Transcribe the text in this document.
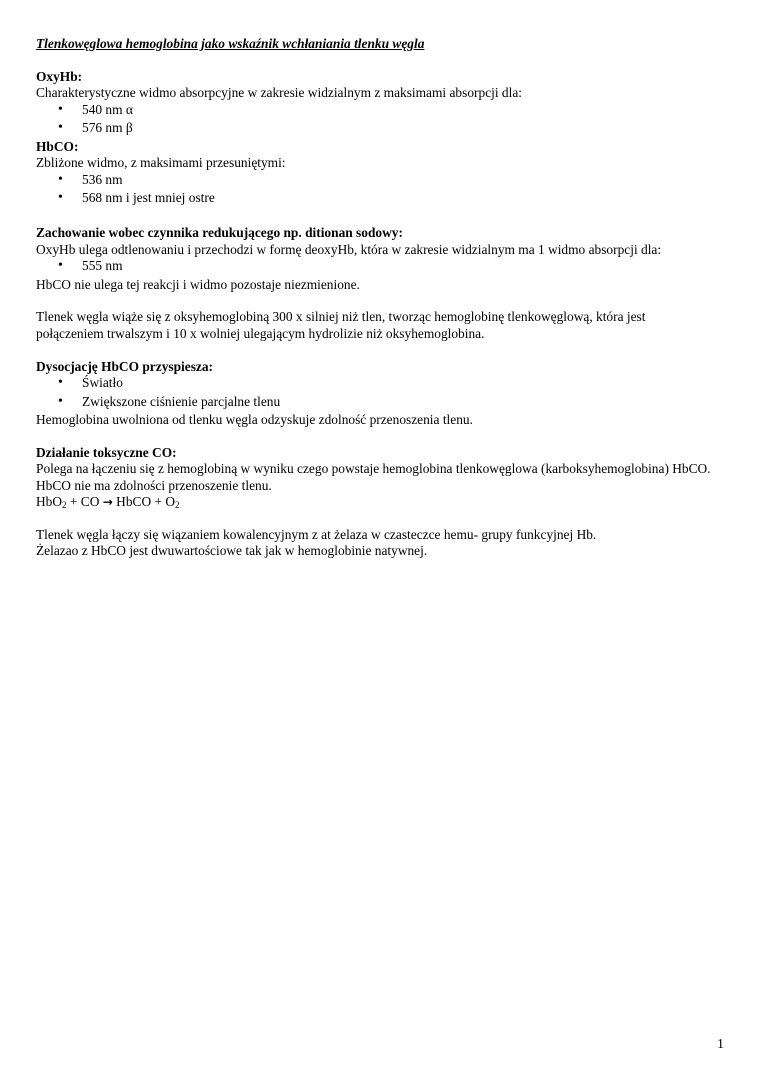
Tlenkowęglowa hemoglobina jako wskaźnik wchłaniania tlenku węgla

OxyHb:

Charakterystyczne widmo absorpcyjne w zakresie widzialnym z maksimami absorpcji dla:

• 540 nm α
• 576 nm β

HbCO:

Zbliżone widmo, z maksimami przesuniętymi:

• 536 nm
• 568 nm i jest mniej ostre

Zachowanie wobec czynnika redukującego np. ditionan sodowy:

OxyHb ulega odtlenowaniu i przechodzi w formę deoxyHb, która w zakresie widzialnym ma 1 widmo absorpcji dla:

• 555 nm

HbCO nie ulega tej reakcji i widmo pozostaje niezmienione.

Tlenek węgla wiąże się z oksyhemoglobiną 300 x silniej niż tlen, tworząc hemoglobinę tlenkowęglową, która jest połączeniem trwalszym i 10 x wolniej ulegającym hydrolizie niż oksyhemoglobina.

Dysocjację HbCO przyspiesza:

• Światło
• Zwiększone ciśnienie parcjalne tlenu

Hemoglobina uwolniona od tlenku węgla odzyskuje zdolność przenoszenia tlenu.

Działanie toksyczne CO:

Polega na łączeniu się z hemoglobiną w wyniku czego powstaje hemoglobina tlenkowęglowa (karboksyhemoglobina) HbCO.

HbCO nie ma zdolności przenoszenie tlenu.

HbO$_2$ + CO → HbCO + $O_2$

Tlenek węgla łączy się wiązaniem kowalencyjnym z at żelaza w czasteczce hemu- grupy funkcyjnej Hb.

Żelazao z HbCO jest dwuwartościowe tak jak w hemoglobinie natywnej.

1
